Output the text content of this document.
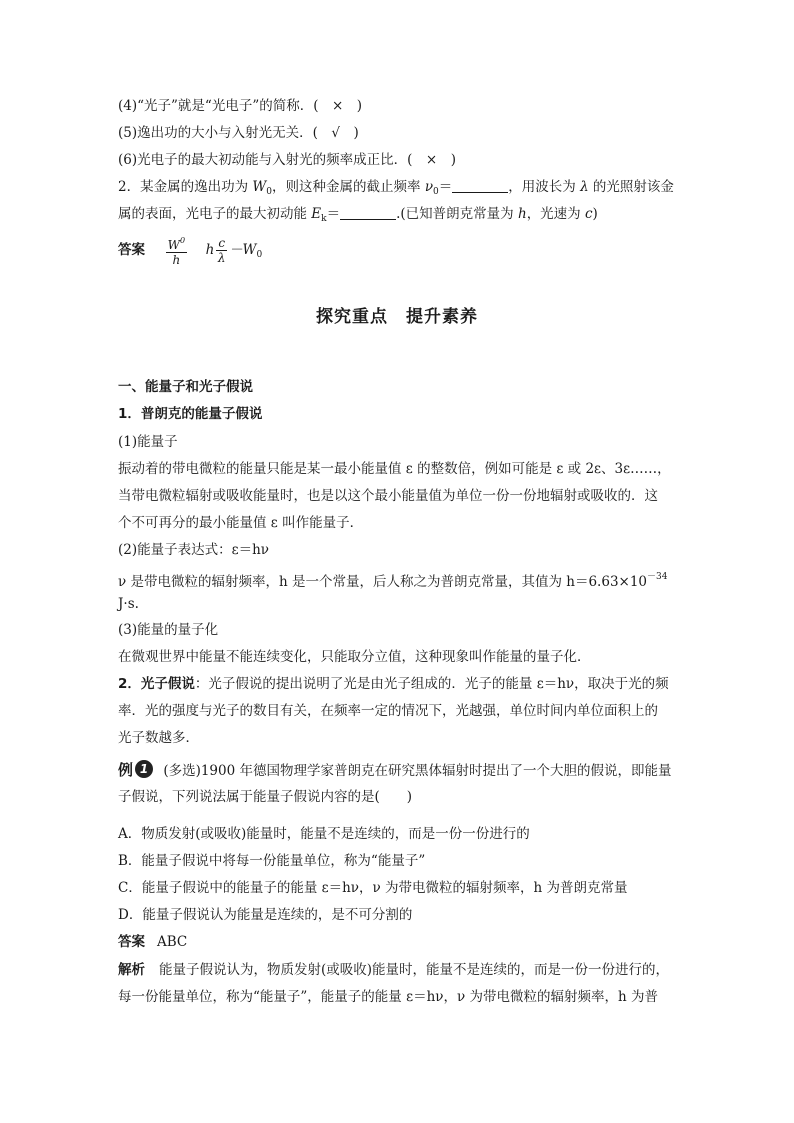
(4)“光子”就是“光电子”的简称．(　×　)
(5)逸出功的大小与入射光无关．(　√　)
(6)光电子的最大初动能与入射光的频率成正比．(　×　)
2．某金属的逸出功为 $W_0$，则这种金属的截止频率 $\nu_0=$	，用波长为 λ 的光照射该金
属的表面，光电子的最大初动能 $E_k=$	.(已知普朗克常量为 h，光速为 c)
答案 $\frac{W^0}{h}$ h $\frac{c}{\lambda} -W_0$
探究重点　提升素养
一、能量子和光子假说
1．普朗克的能量子假说
(1)能量子
振动着的带电微粒的能量只能是某一最小能量值 ε 的整数倍，例如可能是 ε 或 2ε、3ε……，
当带电微粒辐射或吸收能量时，也是以这个最小能量值为单位一份一份地辐射或吸收的．这
个不可再分的最小能量值 ε 叫作能量子．
(2)能量子表达式：ε＝hν
ν 是带电微粒的辐射频率，h 是一个常量，后人称之为普朗克常量，其值为 $h=6.63\times 10^{-34}$
J·s.
(3)能量的量子化
在微观世界中能量不能连续变化，只能取分立值，这种现象叫作能量的量子化．
2．光子假说：光子假说的提出说明了光是由光子组成的．光子的能量 ε＝hν，取决于光的频
率．光的强度与光子的数目有关，在频率一定的情况下，光越强，单位时间内单位面积上的
光子数越多．
例 1 (多选)1900 年德国物理学家普朗克在研究黑体辐射时提出了一个大胆的假说，即能量
子假说，下列说法属于能量子假说内容的是(　　)
A．物质发射(或吸收)能量时，能量不是连续的，而是一份一份进行的
B．能量子假说中将每一份能量单位，称为“能量子”
C．能量子假说中的能量子的能量 ε＝hν，ν 为带电微粒的辐射频率，h 为普朗克常量
D．能量子假说认为能量是连续的，是不可分割的
答案 ABC
解析 能量子假说认为，物质发射(或吸收)能量时，能量不是连续的，而是一份一份进行的，
每一份能量单位，称为“能量子”，能量子的能量 ε＝hν，ν 为带电微粒的辐射频率，h 为普
